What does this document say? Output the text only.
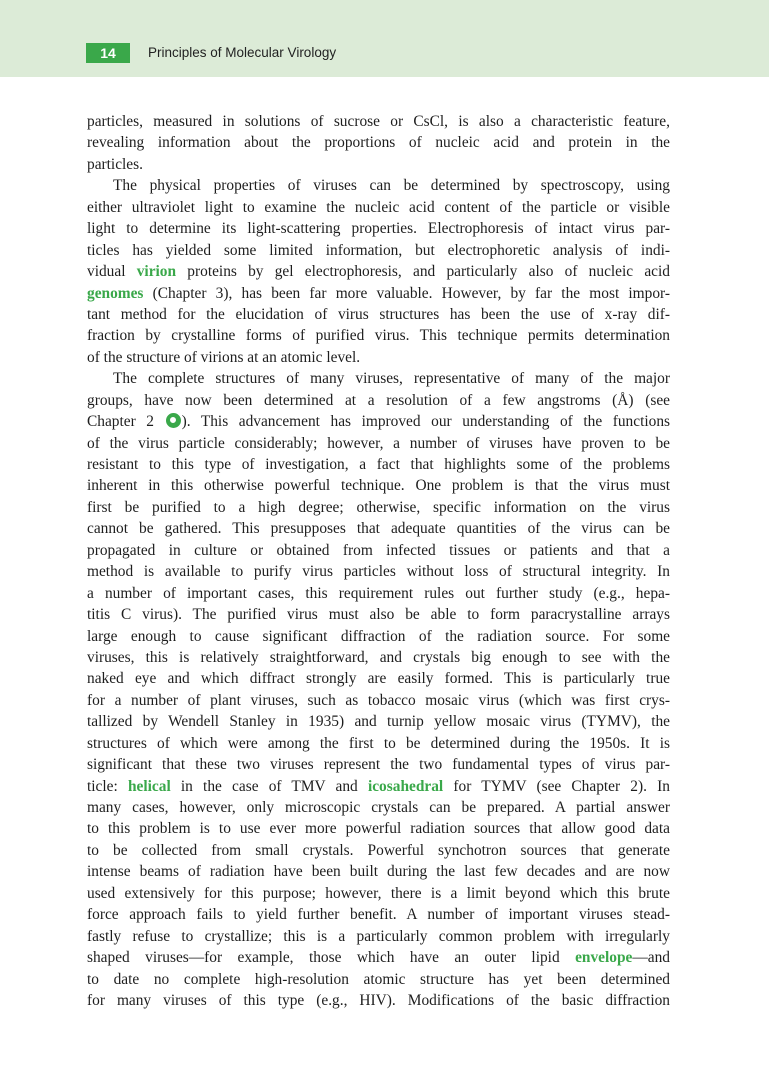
14	Principles of Molecular Virology
particles, measured in solutions of sucrose or CsCl, is also a characteristic feature,
revealing information about the proportions of nucleic acid and protein in the
particles.
The physical properties of viruses can be determined by spectroscopy, using
either ultraviolet light to examine the nucleic acid content of the particle or visible
light to determine its light-scattering properties. Electrophoresis of intact virus par-
ticles has yielded some limited information, but electrophoretic analysis of indi-
vidual virion proteins by gel electrophoresis, and particularly also of nucleic acid
genomes (Chapter 3), has been far more valuable. However, by far the most impor-
tant method for the elucidation of virus structures has been the use of x-ray dif-
fraction by crystalline forms of purified virus. This technique permits determination
of the structure of virions at an atomic level.
The complete structures of many viruses, representative of many of the major
groups, have now been determined at a resolution of a few angstroms (Å) (see
Chapter 2 ). This advancement has improved our understanding of the functions
of the virus particle considerably; however, a number of viruses have proven to be
resistant to this type of investigation, a fact that highlights some of the problems
inherent in this otherwise powerful technique. One problem is that the virus must
first be purified to a high degree; otherwise, specific information on the virus
cannot be gathered. This presupposes that adequate quantities of the virus can be
propagated in culture or obtained from infected tissues or patients and that a
method is available to purify virus particles without loss of structural integrity. In
a number of important cases, this requirement rules out further study (e.g., hepa-
titis C virus). The purified virus must also be able to form paracrystalline arrays
large enough to cause significant diffraction of the radiation source. For some
viruses, this is relatively straightforward, and crystals big enough to see with the
naked eye and which diffract strongly are easily formed. This is particularly true
for a number of plant viruses, such as tobacco mosaic virus (which was first crys-
tallized by Wendell Stanley in 1935) and turnip yellow mosaic virus (TYMV), the
structures of which were among the first to be determined during the 1950s. It is
significant that these two viruses represent the two fundamental types of virus par-
ticle: helical in the case of TMV and icosahedral for TYMV (see Chapter 2). In
many cases, however, only microscopic crystals can be prepared. A partial answer
to this problem is to use ever more powerful radiation sources that allow good data
to be collected from small crystals. Powerful synchotron sources that generate
intense beams of radiation have been built during the last few decades and are now
used extensively for this purpose; however, there is a limit beyond which this brute
force approach fails to yield further benefit. A number of important viruses stead-
fastly refuse to crystallize; this is a particularly common problem with irregularly
shaped viruses—for example, those which have an outer lipid envelope—and
to date no complete high-resolution atomic structure has yet been determined
for many viruses of this type (e.g., HIV). Modifications of the basic diffraction
